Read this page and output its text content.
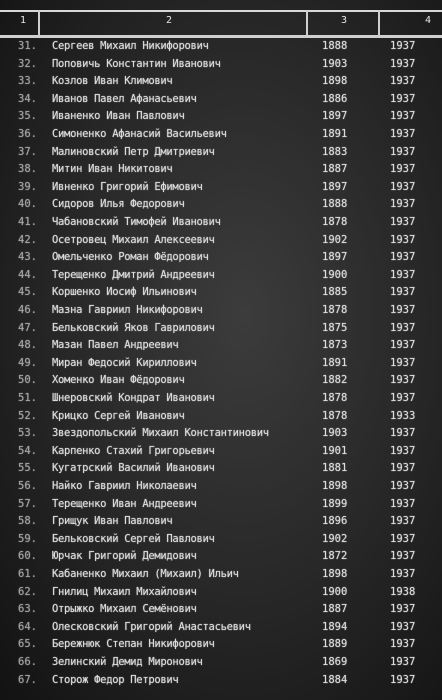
1	2	3	4
31.	Сергеев Михаил Никифорович	1888	1937
32.	Поповичь Константин Иванович	1903	1937
33.	Козлов Иван Климович	1898	1937
34.	Иванов Павел Афанасьевич	1886	1937
35.	Иваненко Иван Павлович	1897	1937
36.	Симоненко Афанасий Васильевич	1891	1937
37.	Малиновский Петр Дмитриевич	1883	1937
38.	Митин Иван Никитович	1887	1937
39.	Ивненко Григорий Ефимович	1897	1937
40.	Сидоров Илья Федорович	1888	1937
41.	Чабановский Тимофей Иванович	1878	1937
42.	Осетровец Михаил Алексеевич	1902	1937
43.	Омельченко Роман Фёдорович	1897	1937
44.	Терещенко Дмитрий Андреевич	1900	1937
45.	Коршенко Иосиф Ильинович	1885	1937
46.	Мазна Гавриил Никифорович	1878	1937
47.	Бельковский Яков Гаврилович	1875	1937
48.	Мазан Павел Андреевич	1873	1937
49.	Миран Федосий Кириллович	1891	1937
50.	Хоменко Иван Фёдорович	1882	1937
51.	Шнеровский Кондрат Иванович	1878	1937
52.	Крицко Сергей Иванович	1878	1933
53.	Звездопольский Михаил Константинович	1903	1937
54.	Карпенко Стахий Григорьевич	1901	1937
55.	Кугатрский Василий Иванович	1881	1937
56.	Найко Гавриил Николаевич	1898	1937
57.	Терещенко Иван Андреевич	1899	1937
58.	Грищук Иван Павлович	1896	1937
59.	Бельковский Сергей Павлович	1902	1937
60.	Юрчак Григорий Демидович	1872	1937
61.	Кабаненко Михаил (Михаил) Ильич	1898	1937
62.	Гнилиц Михаил Михайлович	1900	1938
63.	Отрыжко Михаил Семёнович	1887	1937
64.	Олесковский Григорий Анастасьевич	1894	1937
65.	Бережнюк Степан Никифорович	1889	1937
66.	Зелинский Демид Миронович	1869	1937
67.	Сторож Федор Петрович	1884	1937
